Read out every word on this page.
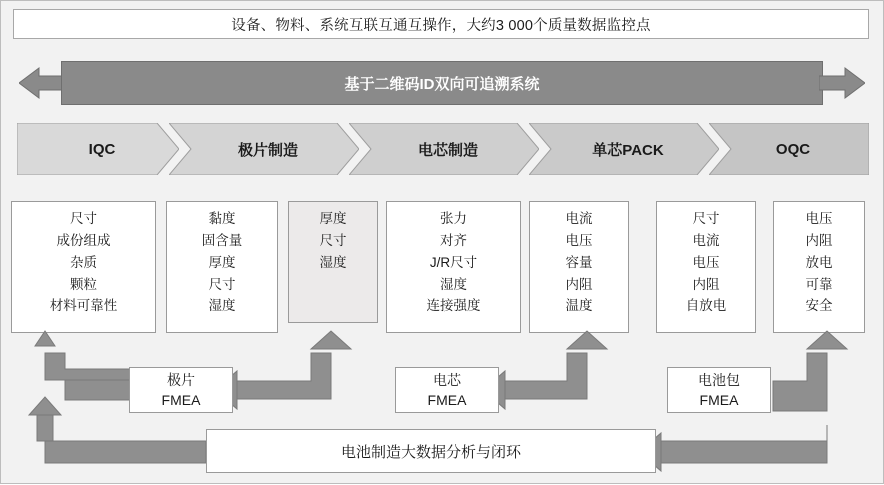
设备、物料、系统互联互通互操作，大约3 000个质量数据监控点
基于二维码ID双向可追溯系统
IQC	极片制造	电芯制造	单芯PACK	OQC
尺寸
成份组成
杂质
颗粒
材料可靠性
黏度
固含量
厚度
尺寸
湿度
厚度
尺寸
湿度
张力
对齐
J/R尺寸
湿度
连接强度
电流
电压
容量
内阻
温度
尺寸
电流
电压
内阻
自放电
电压
内阻
放电
可靠
安全
极片
FMEA
电芯
FMEA
电池包
FMEA
电池制造大数据分析与闭环
